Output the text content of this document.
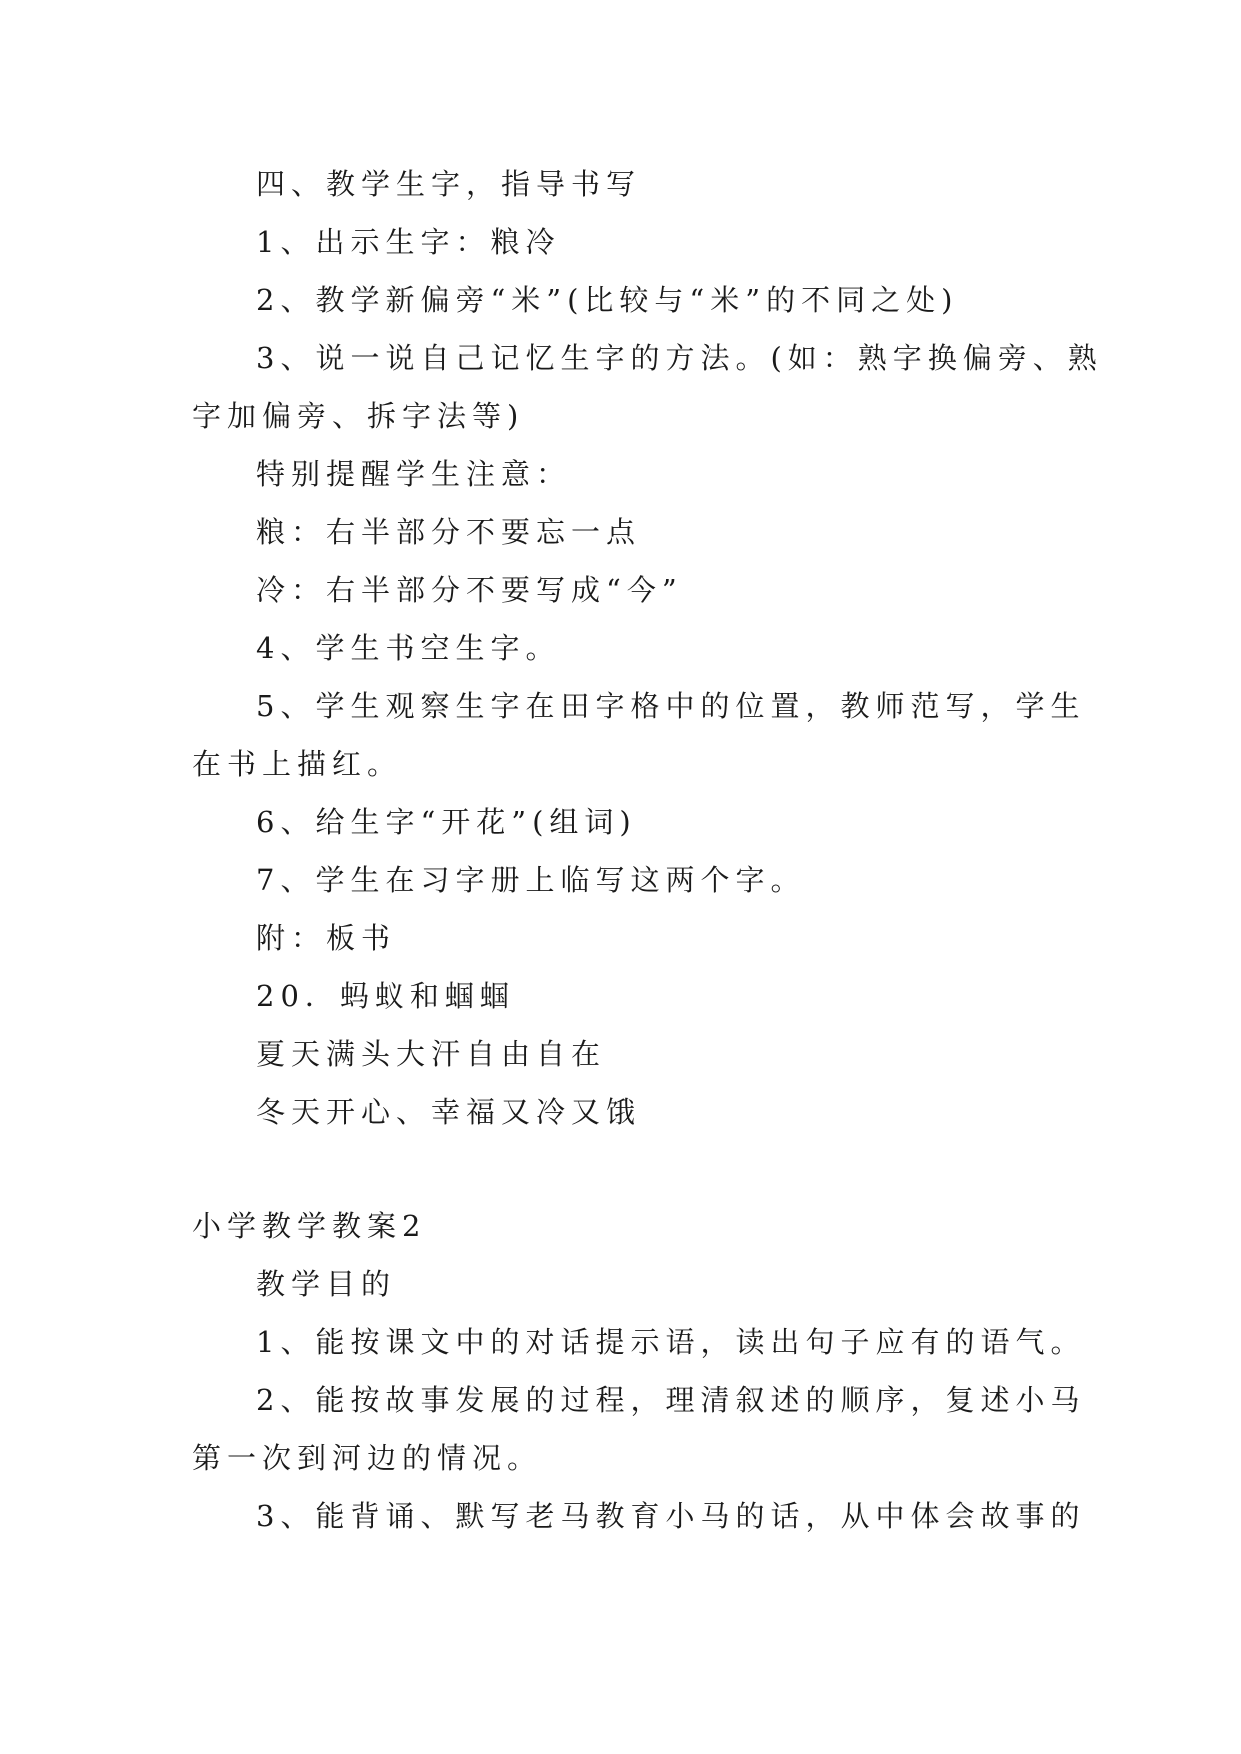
四、教学生字，指导书写
1、出示生字：粮冷
2、教学新偏旁“米”(比较与“米”的不同之处)
3、说一说自己记忆生字的方法。(如：熟字换偏旁、熟
字加偏旁、拆字法等)
特别提醒学生注意：
粮：右半部分不要忘一点
冷：右半部分不要写成“今”
4、学生书空生字。
5、学生观察生字在田字格中的位置，教师范写，学生
在书上描红。
6、给生字“开花”(组词)
7、学生在习字册上临写这两个字。
附：板书
20．蚂蚁和蝈蝈
夏天满头大汗自由自在
冬天开心、幸福又冷又饿
小学教学教案2
教学目的
1、能按课文中的对话提示语，读出句子应有的语气。
2、能按故事发展的过程，理清叙述的顺序，复述小马
第一次到河边的情况。
3、能背诵、默写老马教育小马的话，从中体会故事的
